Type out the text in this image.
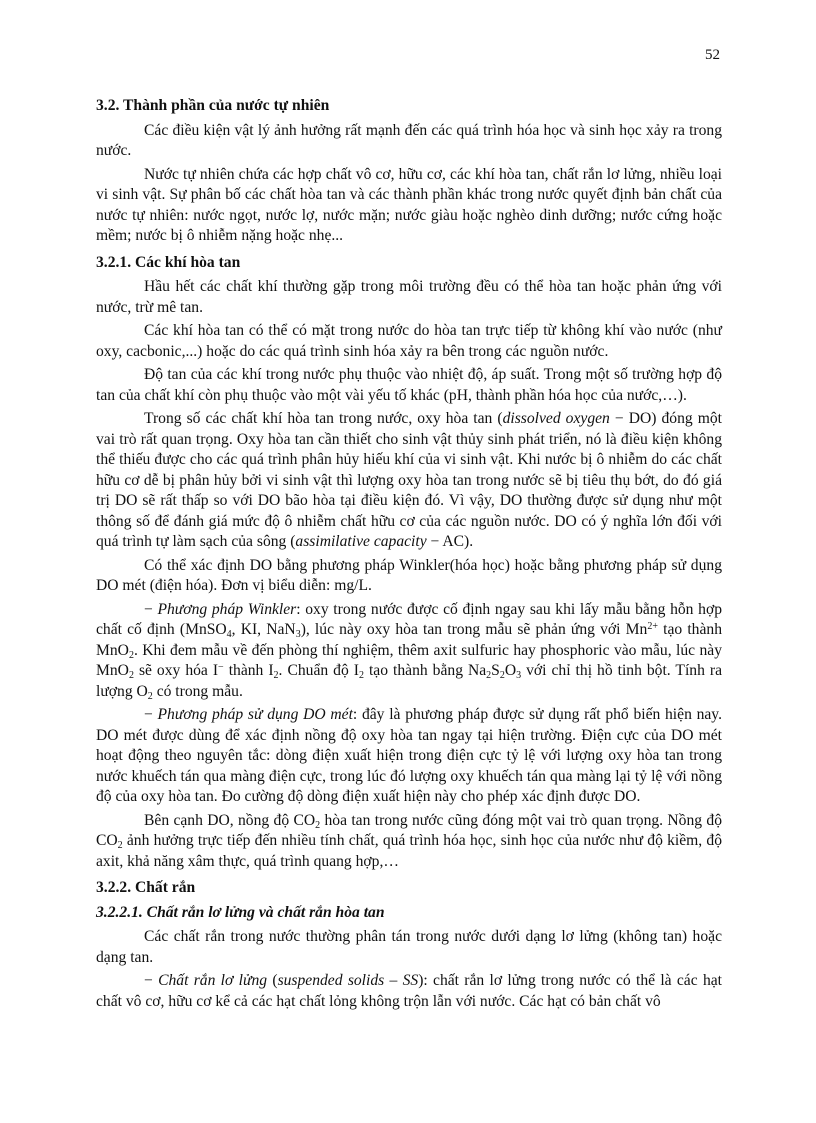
52
3.2. Thành phần của nước tự nhiên

Các điều kiện vật lý ảnh hưởng rất mạnh đến các quá trình hóa học và sinh học xảy ra trong nước.

Nước tự nhiên chứa các hợp chất vô cơ, hữu cơ, các khí hòa tan, chất rắn lơ lửng, nhiều loại vi sinh vật. Sự phân bố các chất hòa tan và các thành phần khác trong nước quyết định bản chất của nước tự nhiên: nước ngọt, nước lợ, nước mặn; nước giàu hoặc nghèo dinh dưỡng; nước cứng hoặc mềm; nước bị ô nhiễm nặng hoặc nhẹ...

3.2.1. Các khí hòa tan

Hầu hết các chất khí thường gặp trong môi trường đều có thể hòa tan hoặc phản ứng với nước, trừ mê tan.

Các khí hòa tan có thể có mặt trong nước do hòa tan trực tiếp từ không khí vào nước (như oxy, cacbonic,...) hoặc do các quá trình sinh hóa xảy ra bên trong các nguồn nước.

Độ tan của các khí trong nước phụ thuộc vào nhiệt độ, áp suất. Trong một số trường hợp độ tan của chất khí còn phụ thuộc vào một vài yếu tố khác (pH, thành phần hóa học của nước,…).

Trong số các chất khí hòa tan trong nước, oxy hòa tan (dissolved oxygen − DO) đóng một vai trò rất quan trọng. Oxy hòa tan cần thiết cho sinh vật thủy sinh phát triển, nó là điều kiện không thể thiếu được cho các quá trình phân hủy hiếu khí của vi sinh vật. Khi nước bị ô nhiễm do các chất hữu cơ dễ bị phân hủy bởi vi sinh vật thì lượng oxy hòa tan trong nước sẽ bị tiêu thụ bớt, do đó giá trị DO sẽ rất thấp so với DO bão hòa tại điều kiện đó. Vì vậy, DO thường được sử dụng như một thông số để đánh giá mức độ ô nhiễm chất hữu cơ của các nguồn nước. DO có ý nghĩa lớn đối với quá trình tự làm sạch của sông (assimilative capacity − AC).

Có thể xác định DO bằng phương pháp Winkler(hóa học) hoặc bằng phương pháp sử dụng DO mét (điện hóa). Đơn vị biểu diễn: mg/L.

− Phương pháp Winkler: oxy trong nước được cố định ngay sau khi lấy mẫu bằng hỗn hợp chất cố định (MnSO$_4$, KI, NaN$_3$), lúc này oxy hòa tan trong mẫu sẽ phản ứng với $Mn^{2+}$ tạo thành MnO$_2$. Khi đem mẫu về đến phòng thí nghiệm, thêm axit sulfuric hay phosphoric vào mẫu, lúc này MnO$_2$ sẽ oxy hóa I− thành $I_2$. Chuẩn độ $I_2$ tạo thành bằng $Na_2S_2O_3$ với chỉ thị hồ tinh bột. Tính ra lượng $O_2$ có trong mẫu.

− Phương pháp sử dụng DO mét: đây là phương pháp được sử dụng rất phổ biến hiện nay. DO mét được dùng để xác định nồng độ oxy hòa tan ngay tại hiện trường. Điện cực của DO mét hoạt động theo nguyên tắc: dòng điện xuất hiện trong điện cực tỷ lệ với lượng oxy hòa tan trong nước khuếch tán qua màng điện cực, trong lúc đó lượng oxy khuếch tán qua màng lại tỷ lệ với nồng độ của oxy hòa tan. Đo cường độ dòng điện xuất hiện này cho phép xác định được DO.

Bên cạnh DO, nồng độ $CO_2$ hòa tan trong nước cũng đóng một vai trò quan trọng. Nồng độ $CO_2$ ảnh hưởng trực tiếp đến nhiều tính chất, quá trình hóa học, sinh học của nước như độ kiềm, độ axit, khả năng xâm thực, quá trình quang hợp,…

3.2.2. Chất rắn
3.2.2.1. Chất rắn lơ lửng và chất rắn hòa tan

Các chất rắn trong nước thường phân tán trong nước dưới dạng lơ lửng (không tan) hoặc dạng tan.

− Chất rắn lơ lửng (suspended solids – SS): chất rắn lơ lửng trong nước có thể là các hạt chất vô cơ, hữu cơ kể cả các hạt chất lỏng không trộn lẫn với nước. Các hạt có bản chất vô
